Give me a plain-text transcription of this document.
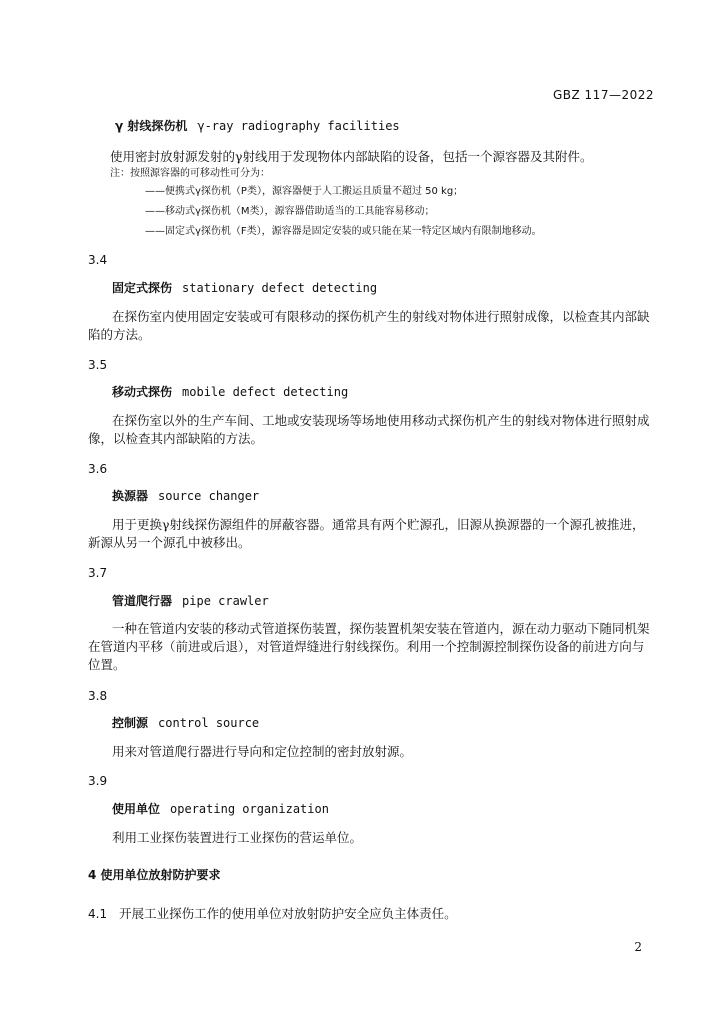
GBZ 117—2022
γ 射线探伤机 γ-ray radiography facilities
使用密封放射源发射的γ射线用于发现物体内部缺陷的设备，包括一个源容器及其附件。
注：按照源容器的可移动性可分为：
——便携式γ探伤机（P类），源容器便于人工搬运且质量不超过 50 kg；
——移动式γ探伤机（M类），源容器借助适当的工具能容易移动；
——固定式γ探伤机（F类），源容器是固定安装的或只能在某一特定区域内有限制地移动。
3.4
固定式探伤 stationary defect detecting
在探伤室内使用固定安装或可有限移动的探伤机产生的射线对物体进行照射成像，以检查其内部缺
陷的方法。
3.5
移动式探伤 mobile defect detecting
在探伤室以外的生产车间、工地或安装现场等场地使用移动式探伤机产生的射线对物体进行照射成
像，以检查其内部缺陷的方法。
3.6
换源器 source changer
用于更换γ射线探伤源组件的屏蔽容器。通常具有两个贮源孔，旧源从换源器的一个源孔被推进，
新源从另一个源孔中被移出。
3.7
管道爬行器 pipe crawler
一种在管道内安装的移动式管道探伤装置，探伤装置机架安装在管道内，源在动力驱动下随同机架
在管道内平移（前进或后退），对管道焊缝进行射线探伤。利用一个控制源控制探伤设备的前进方向与
位置。
3.8
控制源 control source
用来对管道爬行器进行导向和定位控制的密封放射源。
3.9
使用单位 operating organization
利用工业探伤装置进行工业探伤的营运单位。
4 使用单位放射防护要求
4.1 开展工业探伤工作的使用单位对放射防护安全应负主体责任。
2
